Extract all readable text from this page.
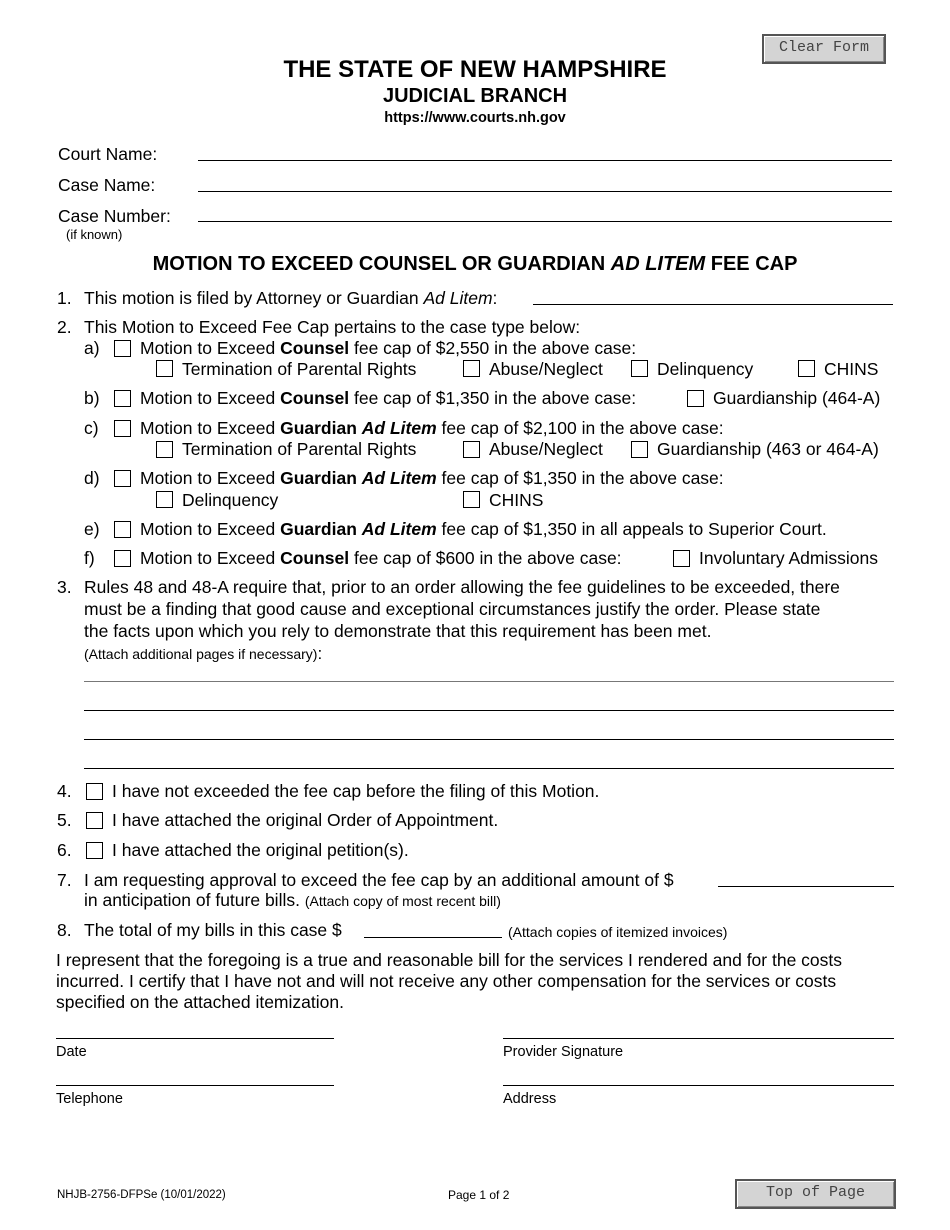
Clear Form
Top of Page
THE STATE OF NEW HAMPSHIRE
JUDICIAL BRANCH
https://www.courts.nh.gov
Court Name:
Case Name:
Case Number:
(if known)
MOTION TO EXCEED COUNSEL OR GUARDIAN AD LITEM FEE CAP
1. This motion is filed by Attorney or Guardian Ad Litem:
2. This Motion to Exceed Fee Cap pertains to the case type below:
a) Motion to Exceed Counsel fee cap of $2,550 in the above case:
Termination of Parental Rights	Abuse/Neglect	Delinquency	CHINS
b) Motion to Exceed Counsel fee cap of $1,350 in the above case:	Guardianship (464-A)
c) Motion to Exceed Guardian Ad Litem fee cap of $2,100 in the above case:
Termination of Parental Rights	Abuse/Neglect	Guardianship (463 or 464-A)
d) Motion to Exceed Guardian Ad Litem fee cap of $1,350 in the above case:
Delinquency	CHINS
e) Motion to Exceed Guardian Ad Litem fee cap of $1,350 in all appeals to Superior Court.
f)	Motion to Exceed Counsel fee cap of $600 in the above case:	Involuntary Admissions
3. Rules 48 and 48-A require that, prior to an order allowing the fee guidelines to be exceeded, there
must be a finding that good cause and exceptional circumstances justify the order. Please state
the facts upon which you rely to demonstrate that this requirement has been met.
(Attach additional pages if necessary):
4. I have not exceeded the fee cap before the filing of this Motion.
5. I have attached the original Order of Appointment.
6. I have attached the original petition(s).
7. I am requesting approval to exceed the fee cap by an additional amount of $
in anticipation of future bills. (Attach copy of most recent bill)
8. The total of my bills in this case $	(Attach copies of itemized invoices)
I represent that the foregoing is a true and reasonable bill for the services I rendered and for the costs
incurred. I certify that I have not and will not receive any other compensation for the services or costs
specified on the attached itemization.
Date	Provider Signature
Telephone	Address
NHJB-2756-DFPSe (10/01/2022)	Page 1 of 2
